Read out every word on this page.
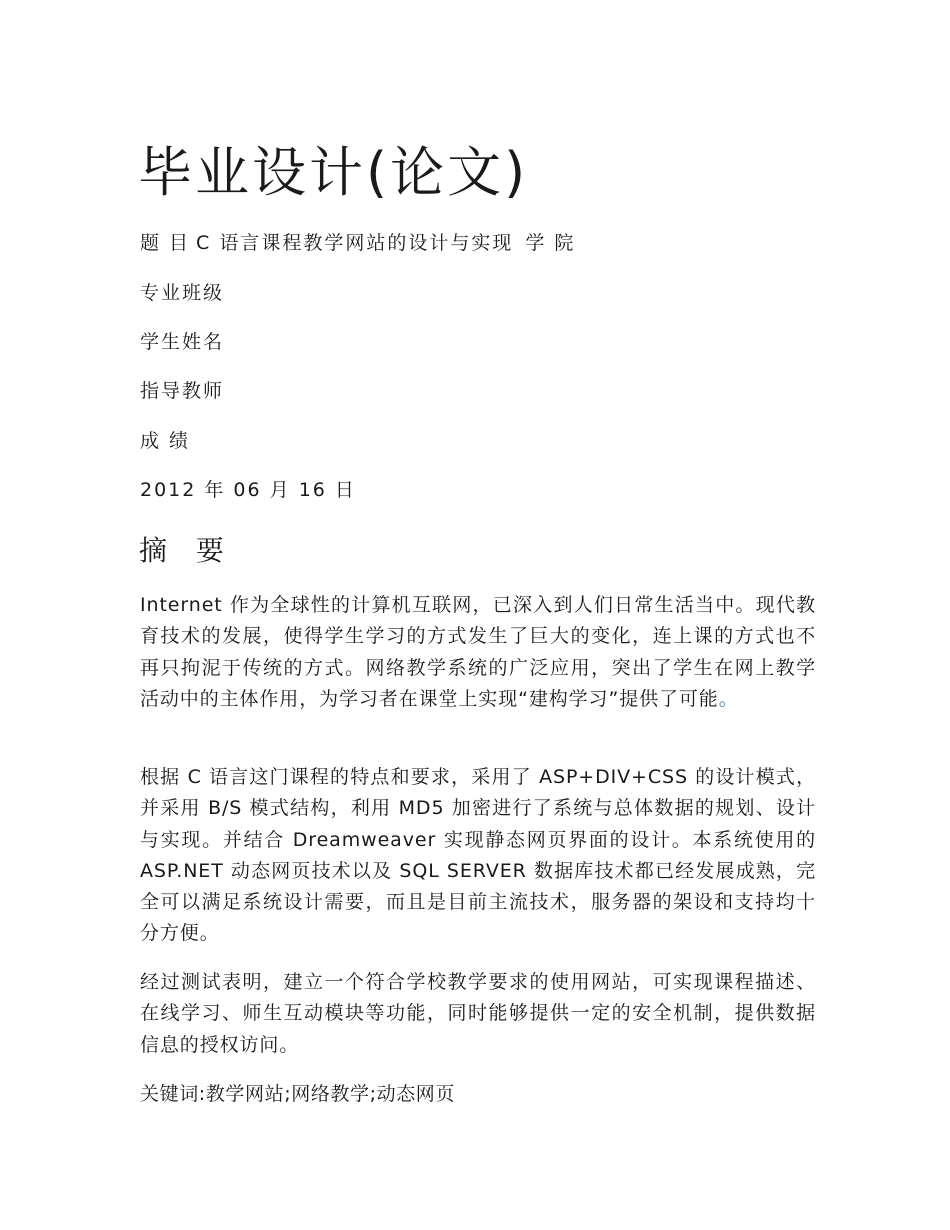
毕业设计(论文)

题 目 C 语言课程教学网站的设计与实现 学 院

专业班级

学生姓名

指导教师

成 绩

2012 年 06 月 16 日

摘 要

Internet 作为全球性的计算机互联网，已深入到人们日常生活当中。现代教育技术的发展，使得学生学习的方式发生了巨大的变化，连上课的方式也不再只拘泥于传统的方式。网络教学系统的广泛应用，突出了学生在网上教学活动中的主体作用，为学习者在课堂上实现“建构学习”提供了可能。

根据 C 语言这门课程的特点和要求，采用了 ASP+DIV+CSS 的设计模式，并采用 B/S 模式结构，利用 MD5 加密进行了系统与总体数据的规划、设计与实现。并结合 Dreamweaver 实现静态网页界面的设计。本系统使用的 ASP.NET 动态网页技术以及 SQL SERVER 数据库技术都已经发展成熟，完全可以满足系统设计需要，而且是目前主流技术，服务器的架设和支持均十分方便。

经过测试表明，建立一个符合学校教学要求的使用网站，可实现课程描述、在线学习、师生互动模块等功能，同时能够提供一定的安全机制，提供数据信息的授权访问。

关键词:教学网站;网络教学;动态网页
